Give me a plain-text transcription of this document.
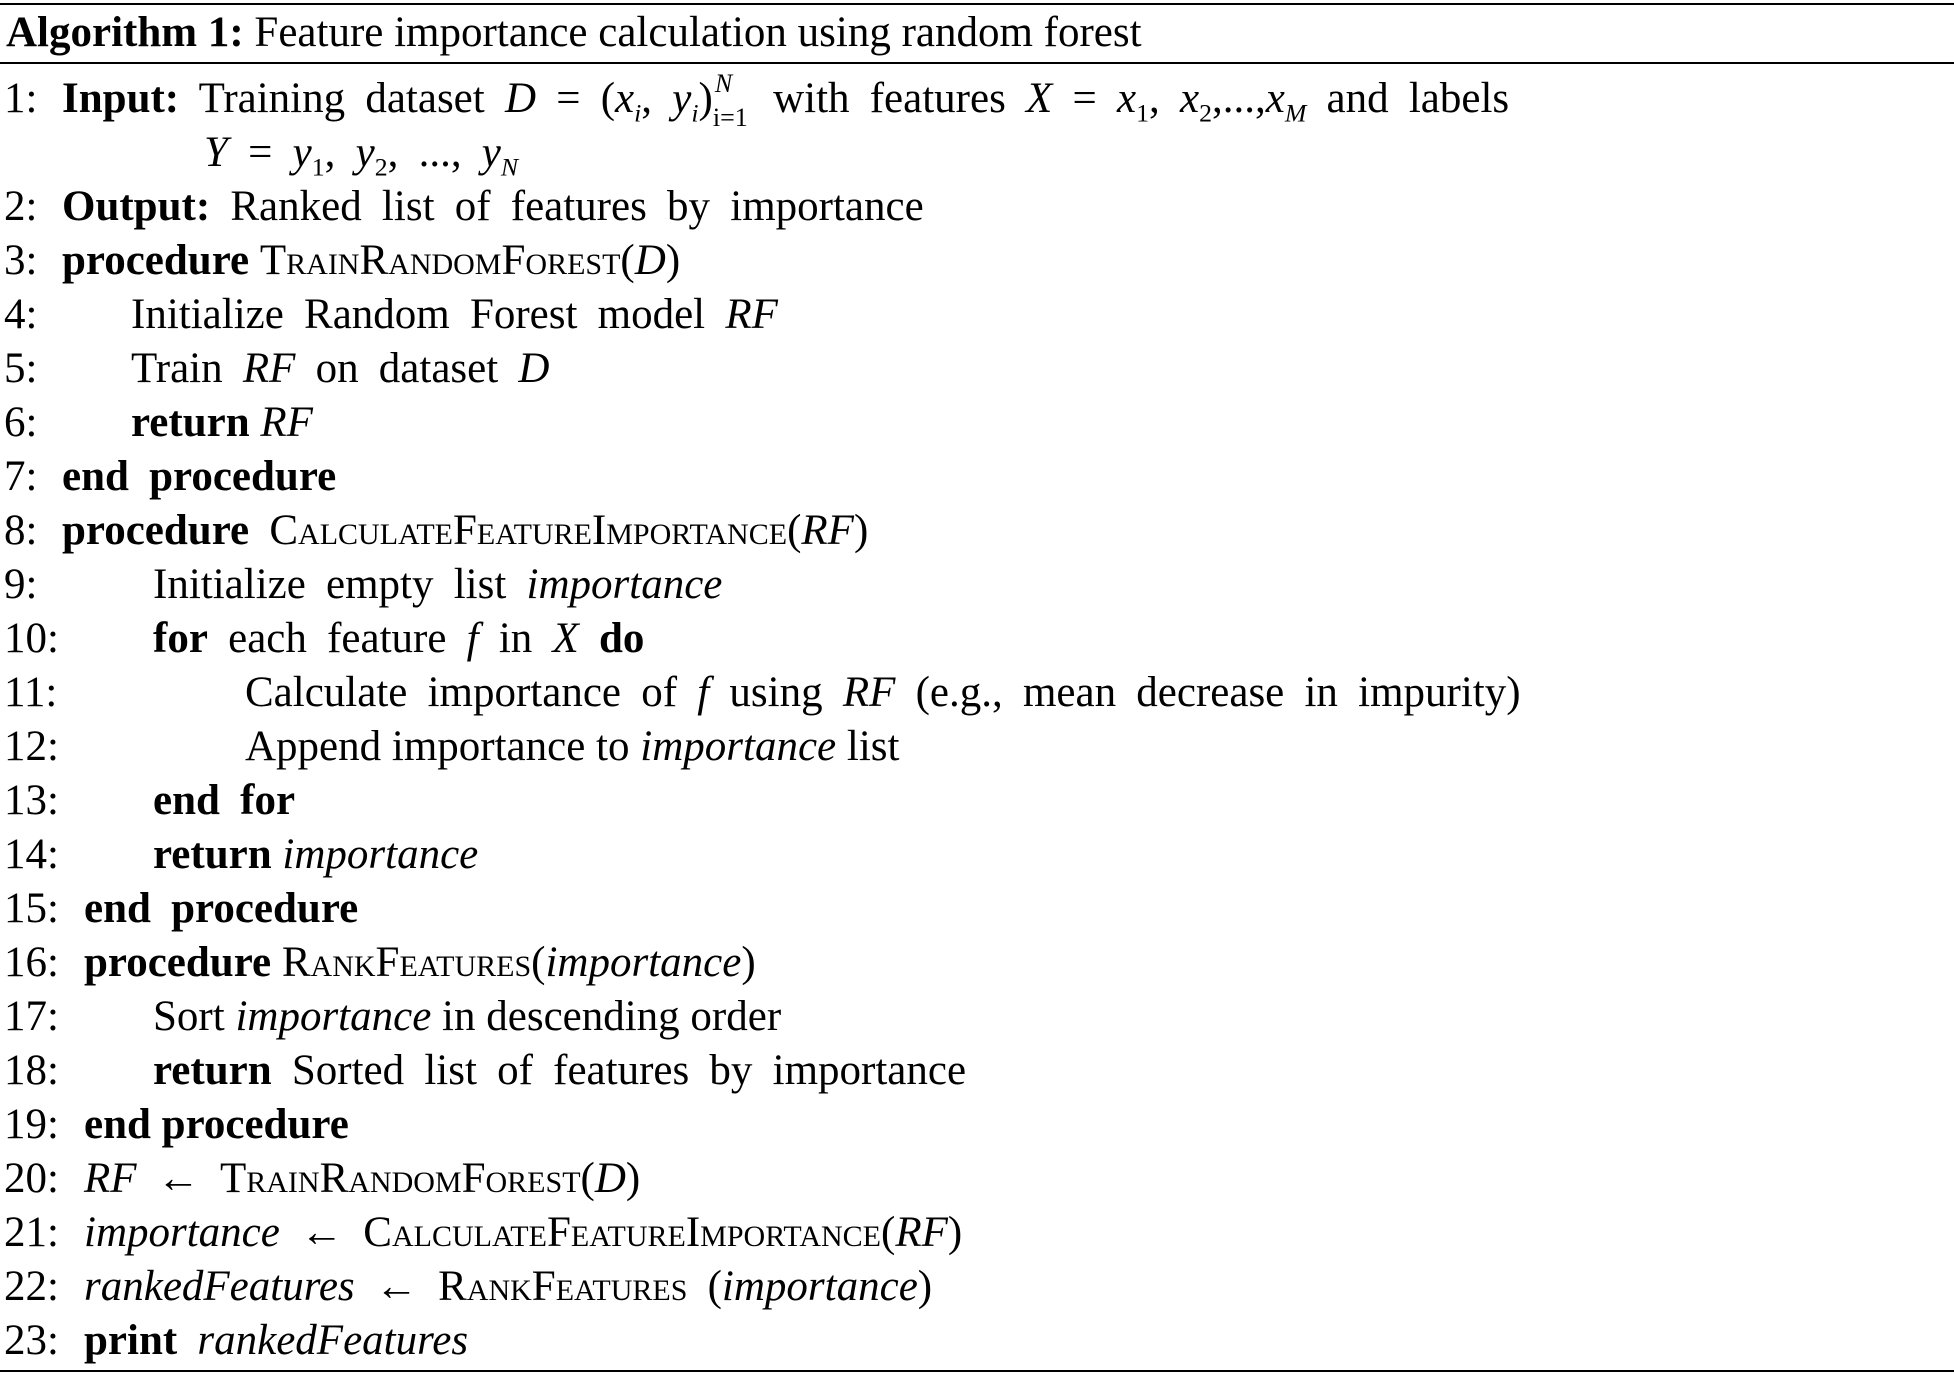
Algorithm 1: Feature importance calculation using random forest
1: Input: Training dataset $D = (x_i$, $y_i$) N
i=1 with features $X = x_1$, $x_2,...,x_M$ and labels
$Y = y_1$, $y_2$, ..., $y_N$
2: Output: Ranked list of features by importance
3: procedure TrainRandomForest(D)
4: Initialize Random Forest model RF
5: Train RF on dataset D
6: return RF
7: end procedure
8: procedure CalculateFeatureImportance(RF)
9:	Initialize empty list importance
10: for each feature f in X do
11:	Calculate importance of f using RF (e.g., mean decrease in impurity)
12:	Append importance to importance list
13: end for
14: return importance
15: end procedure
16: procedure RankFeatures(importance)
17: Sort importance in descending order
18: return Sorted list of features by importance
19: end procedure
20: RF ← TrainRandomForest(D)
21: importance ← CalculateFeatureImportance(RF)
22: rankedFeatures ← RankFeatures (importance)
23: print rankedFeatures
